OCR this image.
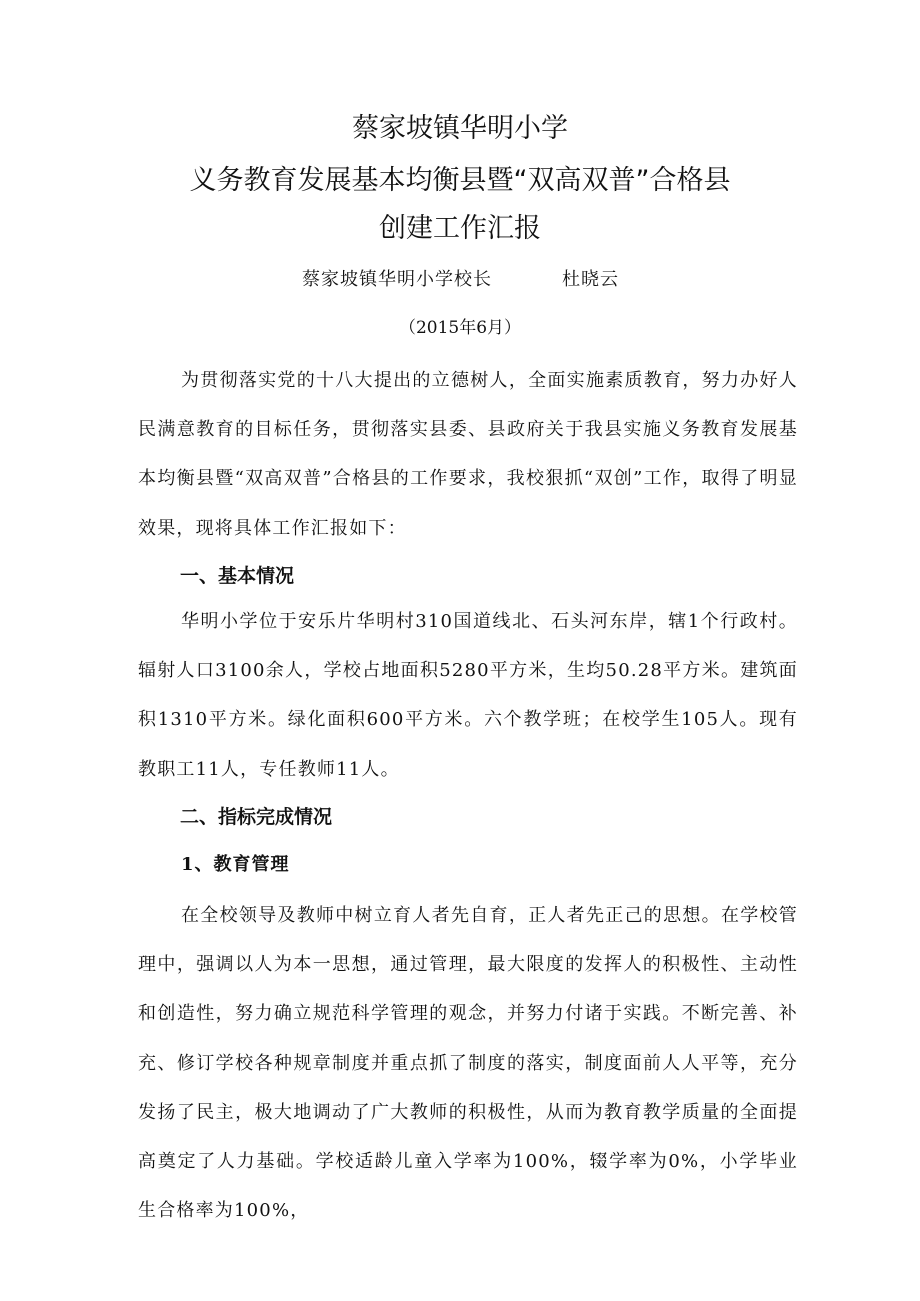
蔡家坡镇华明小学
义务教育发展基本均衡县暨“双高双普”合格县
创建工作汇报
蔡家坡镇华明小学校长	杜晓云
（2015年6月）

为贯彻落实党的十八大提出的立德树人，全面实施素质教育，努力办好人民满意教育的目标任务，贯彻落实县委、县政府关于我县实施义务教育发展基本均衡县暨“双高双普”合格县的工作要求，我校狠抓“双创”工作，取得了明显效果，现将具体工作汇报如下：

一、基本情况

华明小学位于安乐片华明村310国道线北、石头河东岸，辖1个行政村。辐射人口3100余人，学校占地面积5280平方米，生均50.28平方米。建筑面积1310平方米。绿化面积600平方米。六个教学班；在校学生105人。现有教职工11人，专任教师11人。

二、指标完成情况
1、教育管理

在全校领导及教师中树立育人者先自育，正人者先正己的思想。在学校管理中，强调以人为本一思想，通过管理，最大限度的发挥人的积极性、主动性和创造性，努力确立规范科学管理的观念，并努力付诸于实践。不断完善、补充、修订学校各种规章制度并重点抓了制度的落实，制度面前人人平等，充分发扬了民主，极大地调动了广大教师的积极性，从而为教育教学质量的全面提高奠定了人力基础。学校适龄儿童入学率为100%，辍学率为0%，小学毕业生合格率为100%，
